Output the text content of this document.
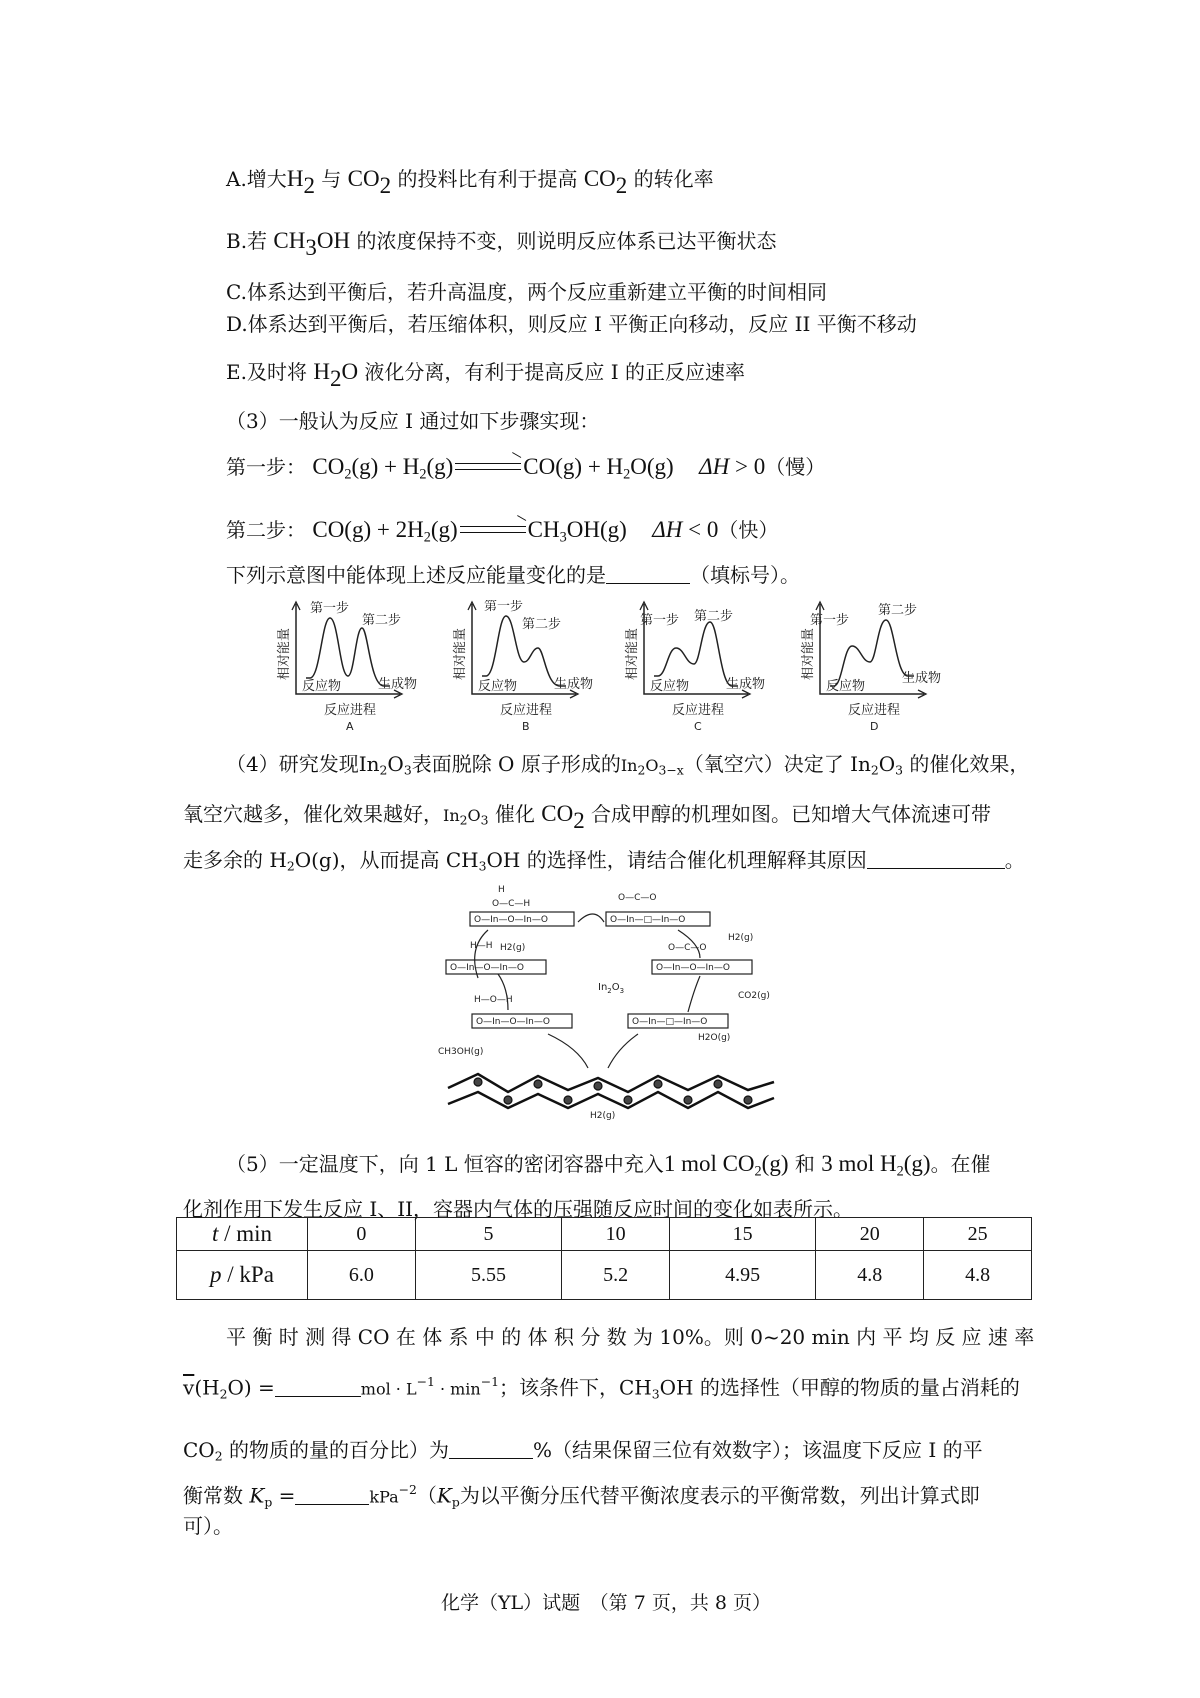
A.增大$H_2$ 与 $CO_2$ 的投料比有利于提高 $CO_2$ 的转化率
B.若 $CH_3OH$ 的浓度保持不变，则说明反应体系已达平衡状态
C.体系达到平衡后，若升高温度，两个反应重新建立平衡的时间相同
D.体系达到平衡后，若压缩体积，则反应 I 平衡正向移动，反应 II 平衡不移动
E.及时将 $H_2O$ 液化分离，有利于提高反应 I 的正反应速率
（3）一般认为反应 I 通过如下步骤实现：
第一步： $CO_2(g) + H_2(g) \to CO(g) + H_2O(g) \Delta H > 0$（慢）
第二步： $CO(g) + 2H_2(g) \to CH_3OH(g) \Delta H < 0$（快）
下列示意图中能体现上述反应能量变化的是	（填标号）。
第一步
第二步
反应物	生成物
相对能量
反应进程
A
第一步
第二步
反应物	生成物
相对能量
反应进程
B
第一步 第二步
反应物	生成物
相对能量
反应进程
C
第一步
第二步
反应物
生成物
相对能量
反应进程
D
（4）研究发现$In_2O_3$表面脱除 O 原子形成的$In_2O_{3-x}$（氧空穴）决定了 $In_2O_3$ 的催化效果，
氧空穴越多，催化效果越好，$In_2O_3$ 催化 $CO_2$ 合成甲醇的机理如图。已知增大气体流速可带
走多余的 $H_2O(g)$，从而提高 $CH_3OH$ 的选择性，请结合催化机理解释其原因	。
O—In—O—In—O	O—In—□—In—O
O—In—O—In—O	O—In—O—In—O
O—In—O—In—O	O—In—□—In—O
H
O—C—H
O—C—O
H—H
H—O—H
O—C—O
H2(g)
H2(g)
CO2(g)
H2O(g)
CH3OH(g)
H2(g)
$In_2O_3$
（5）一定温度下，向 1 L 恒容的密闭容器中充入1 mol $CO_2(g)$ 和 3 mol $H_2(g)$。在催
化剂作用下发生反应 I、II，容器内气体的压强随反应时间的变化如表所示。
t / min	0	5	10	15	20	25
p / kPa	6.0	5.55	5.2	4.95	4.8	4.8
平 衡 时 测 得 CO 在 体 系 中 的 体 积 分 数 为 10%。则 0~20 min 内 平 均 反 应 速 率
$\overline{v}(H_2O)$ =	mol · $L^{-1} \cdot \min^{-1}$；该条件下，$CH_3OH$ 的选择性（甲醇的物质的量占消耗的
$CO_2$ 的物质的量的百分比）为	%（结果保留三位有效数字）；该温度下反应 I 的平
衡常数 $K_p$ =	$kPa^{-2}(K_p$为以平衡分压代替平衡浓度表示的平衡常数，列出计算式即
可）。
化学（YL）试题　（第 7 页，共 8 页）
